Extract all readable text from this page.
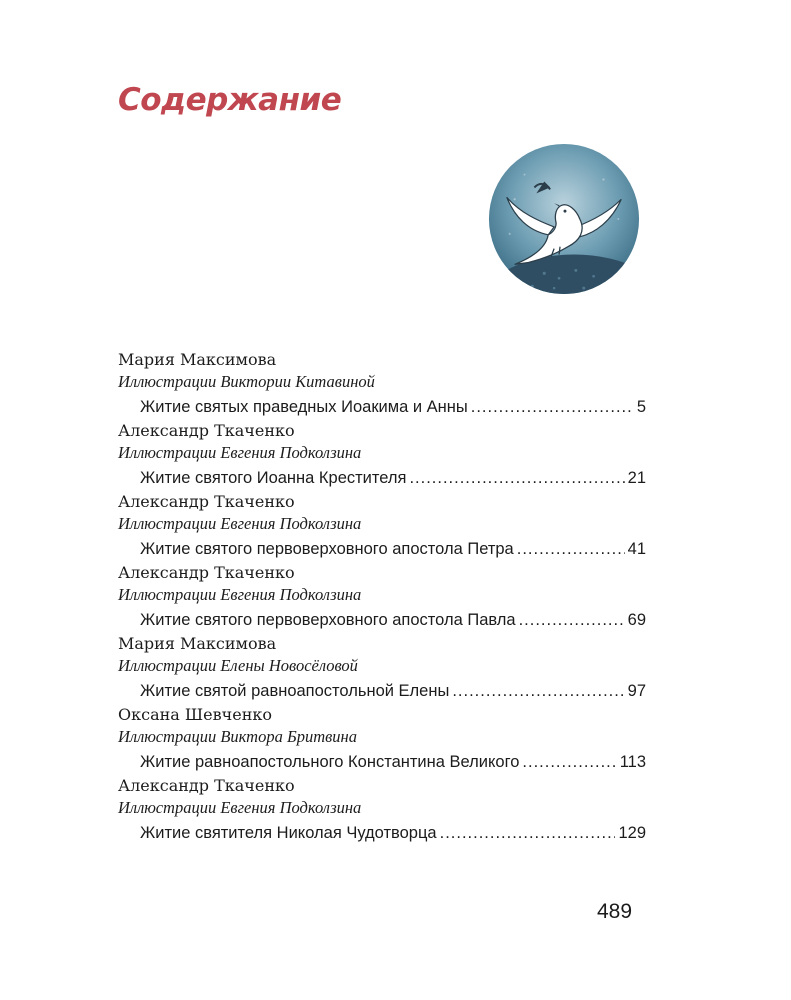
Содержание
Мария Максимова
Иллюстрации Виктории Китавиной
Житие святых праведных Иоакима и Анны .....	5
Александр Ткаченко
Иллюстрации Евгения Подколзина
Житие святого Иоанна Крестителя .....	21
Александр Ткаченко
Иллюстрации Евгения Подколзина
Житие святого первоверховного апостола Петра .....	41
Александр Ткаченко
Иллюстрации Евгения Подколзина
Житие святого первоверховного апостола Павла .....	69
Мария Максимова
Иллюстрации Елены Новосёловой
Житие святой равноапостольной Елены .....	97
Оксана Шевченко
Иллюстрации Виктора Бритвина
Житие равноапостольного Константина Великого .....	113
Александр Ткаченко
Иллюстрации Евгения Подколзина
Житие святителя Николая Чудотворца .....	129
489
